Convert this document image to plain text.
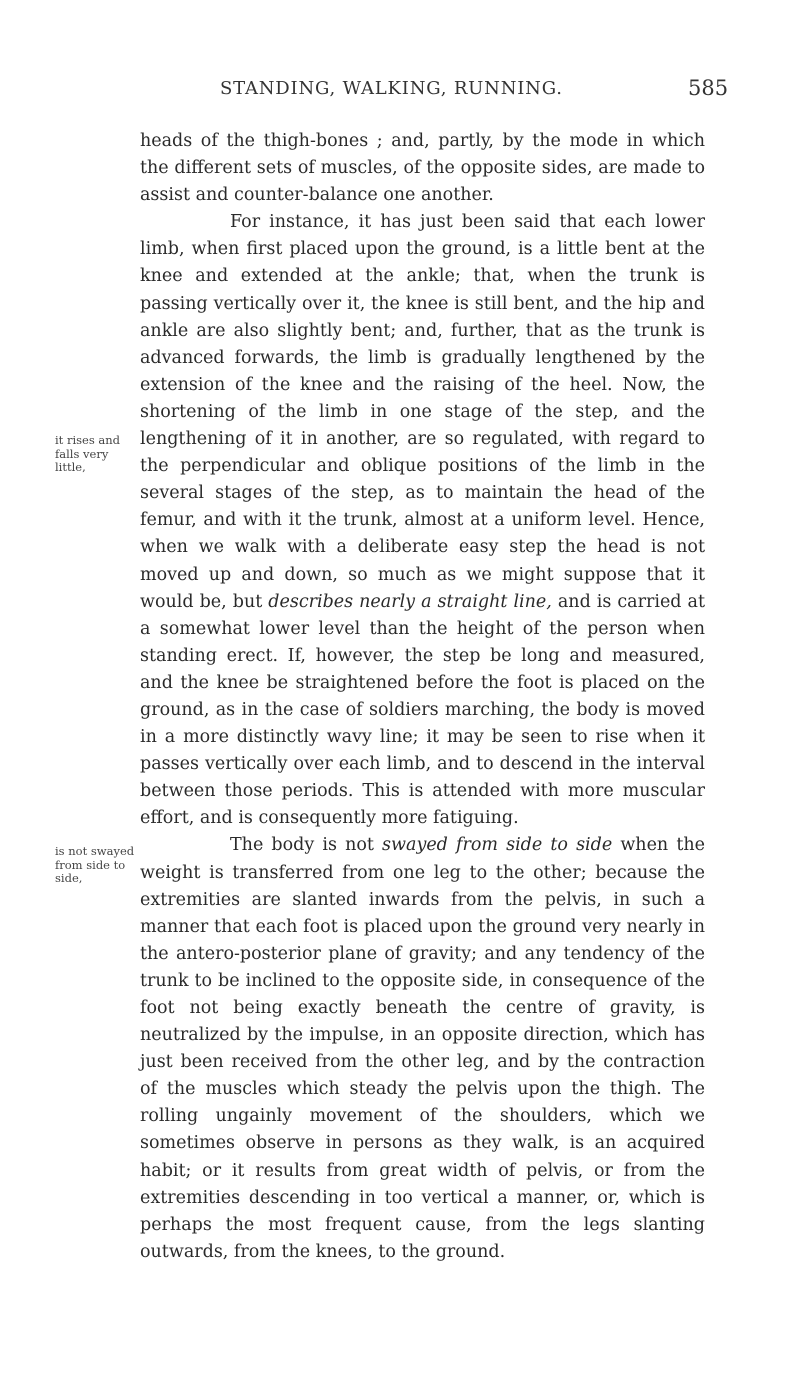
STANDING, WALKING, RUNNING.	585
it rises and falls very little,
is not swayed from side to side,

heads of the thigh-bones ; and, partly, by the mode in which the different sets of muscles, of the opposite sides, are made to assist and counter-balance one another.

For instance, it has just been said that each lower limb, when first placed upon the ground, is a little bent at the knee and extended at the ankle; that, when the trunk is passing vertically over it, the knee is still bent, and the hip and ankle are also slightly bent; and, further, that as the trunk is advanced forwards, the limb is gradually lengthened by the extension of the knee and the raising of the heel. Now, the shortening of the limb in one stage of the step, and the lengthening of it in another, are so regulated, with regard to the perpendicular and oblique positions of the limb in the several stages of the step, as to maintain the head of the femur, and with it the trunk, almost at a uniform level. Hence, when we walk with a deliberate easy step the head is not moved up and down, so much as we might suppose that it would be, but describes nearly a straight line, and is carried at a somewhat lower level than the height of the person when standing erect. If, however, the step be long and measured, and the knee be straightened before the foot is placed on the ground, as in the case of soldiers marching, the body is moved in a more distinctly wavy line; it may be seen to rise when it passes vertically over each limb, and to descend in the interval between those periods. This is attended with more muscular effort, and is consequently more fatiguing.

The body is not swayed from side to side when the weight is transferred from one leg to the other; because the extremities are slanted inwards from the pelvis, in such a manner that each foot is placed upon the ground very nearly in the antero-posterior plane of gravity; and any tendency of the trunk to be inclined to the opposite side, in consequence of the foot not being exactly beneath the centre of gravity, is neutralized by the impulse, in an opposite direction, which has just been received from the other leg, and by the contraction of the muscles which steady the pelvis upon the thigh. The rolling ungainly movement of the shoulders, which we sometimes observe in persons as they walk, is an acquired habit; or it results from great width of pelvis, or from the extremities descending in too vertical a manner, or, which is perhaps the most frequent cause, from the legs slanting outwards, from the knees, to the ground.
